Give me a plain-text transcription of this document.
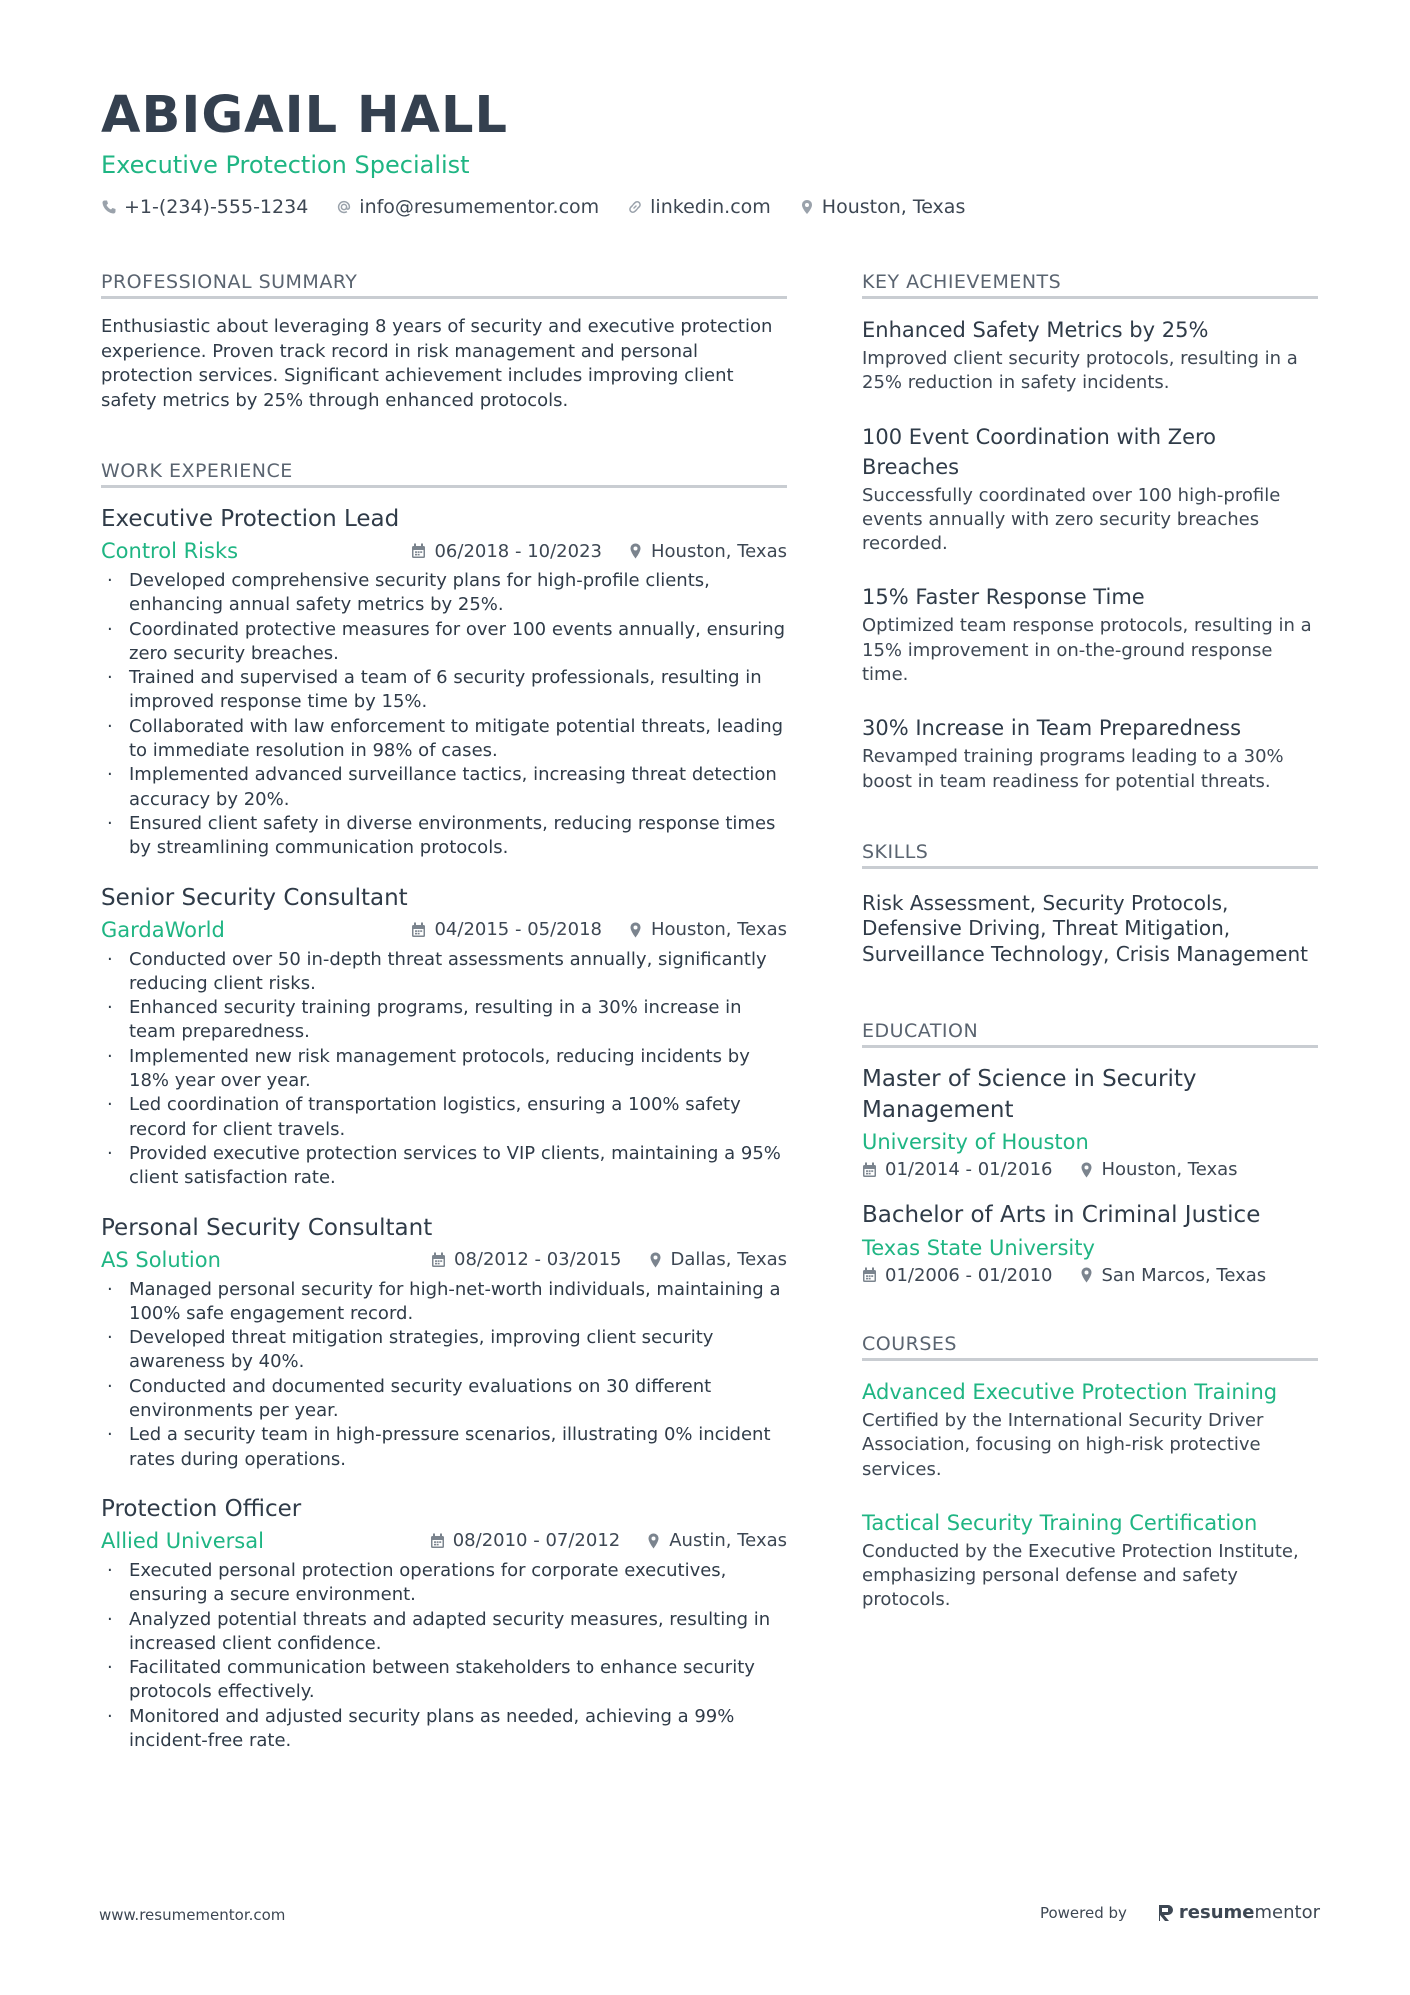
ABIGAIL HALL
Executive Protection Specialist
+1-(234)-555-1234	info@resumementor.com	linkedin.com	Houston, Texas
PROFESSIONAL SUMMARY
Enthusiastic about leveraging 8 years of security and executive protection experience. Proven track record in risk management and personal protection services. Significant achievement includes improving client safety metrics by 25% through enhanced protocols.
WORK EXPERIENCE
Executive Protection Lead
Control Risks	06/2018 - 10/2023	Houston, Texas
· Developed comprehensive security plans for high-profile clients, enhancing annual safety metrics by 25%.
· Coordinated protective measures for over 100 events annually, ensuring zero security breaches.
· Trained and supervised a team of 6 security professionals, resulting in improved response time by 15%.
· Collaborated with law enforcement to mitigate potential threats, leading to immediate resolution in 98% of cases.
· Implemented advanced surveillance tactics, increasing threat detection accuracy by 20%.
· Ensured client safety in diverse environments, reducing response times by streamlining communication protocols.
Senior Security Consultant
GardaWorld	04/2015 - 05/2018	Houston, Texas
· Conducted over 50 in-depth threat assessments annually, significantly reducing client risks.
· Enhanced security training programs, resulting in a 30% increase in team preparedness.
· Implemented new risk management protocols, reducing incidents by 18% year over year.
· Led coordination of transportation logistics, ensuring a 100% safety record for client travels.
· Provided executive protection services to VIP clients, maintaining a 95% client satisfaction rate.
Personal Security Consultant
AS Solution	08/2012 - 03/2015	Dallas, Texas
· Managed personal security for high-net-worth individuals, maintaining a 100% safe engagement record.
· Developed threat mitigation strategies, improving client security awareness by 40%.
· Conducted and documented security evaluations on 30 different environments per year.
· Led a security team in high-pressure scenarios, illustrating 0% incident rates during operations.
Protection Officer
Allied Universal	08/2010 - 07/2012	Austin, Texas
· Executed personal protection operations for corporate executives, ensuring a secure environment.
· Analyzed potential threats and adapted security measures, resulting in increased client confidence.
· Facilitated communication between stakeholders to enhance security protocols effectively.
· Monitored and adjusted security plans as needed, achieving a 99% incident-free rate.
KEY ACHIEVEMENTS
Enhanced Safety Metrics by 25%
Improved client security protocols, resulting in a 25% reduction in safety incidents.
100 Event Coordination with Zero Breaches
Successfully coordinated over 100 high-profile events annually with zero security breaches recorded.
15% Faster Response Time
Optimized team response protocols, resulting in a 15% improvement in on-the-ground response time.
30% Increase in Team Preparedness
Revamped training programs leading to a 30% boost in team readiness for potential threats.
SKILLS
Risk Assessment, Security Protocols, Defensive Driving, Threat Mitigation, Surveillance Technology, Crisis Management
EDUCATION
Master of Science in Security Management
University of Houston
01/2014 - 01/2016	Houston, Texas
Bachelor of Arts in Criminal Justice
Texas State University
01/2006 - 01/2010	San Marcos, Texas
COURSES
Advanced Executive Protection Training
Certified by the International Security Driver Association, focusing on high-risk protective services.
Tactical Security Training Certification
Conducted by the Executive Protection Institute, emphasizing personal defense and safety protocols.
www.resumementor.com	Powered by	resume mentor
